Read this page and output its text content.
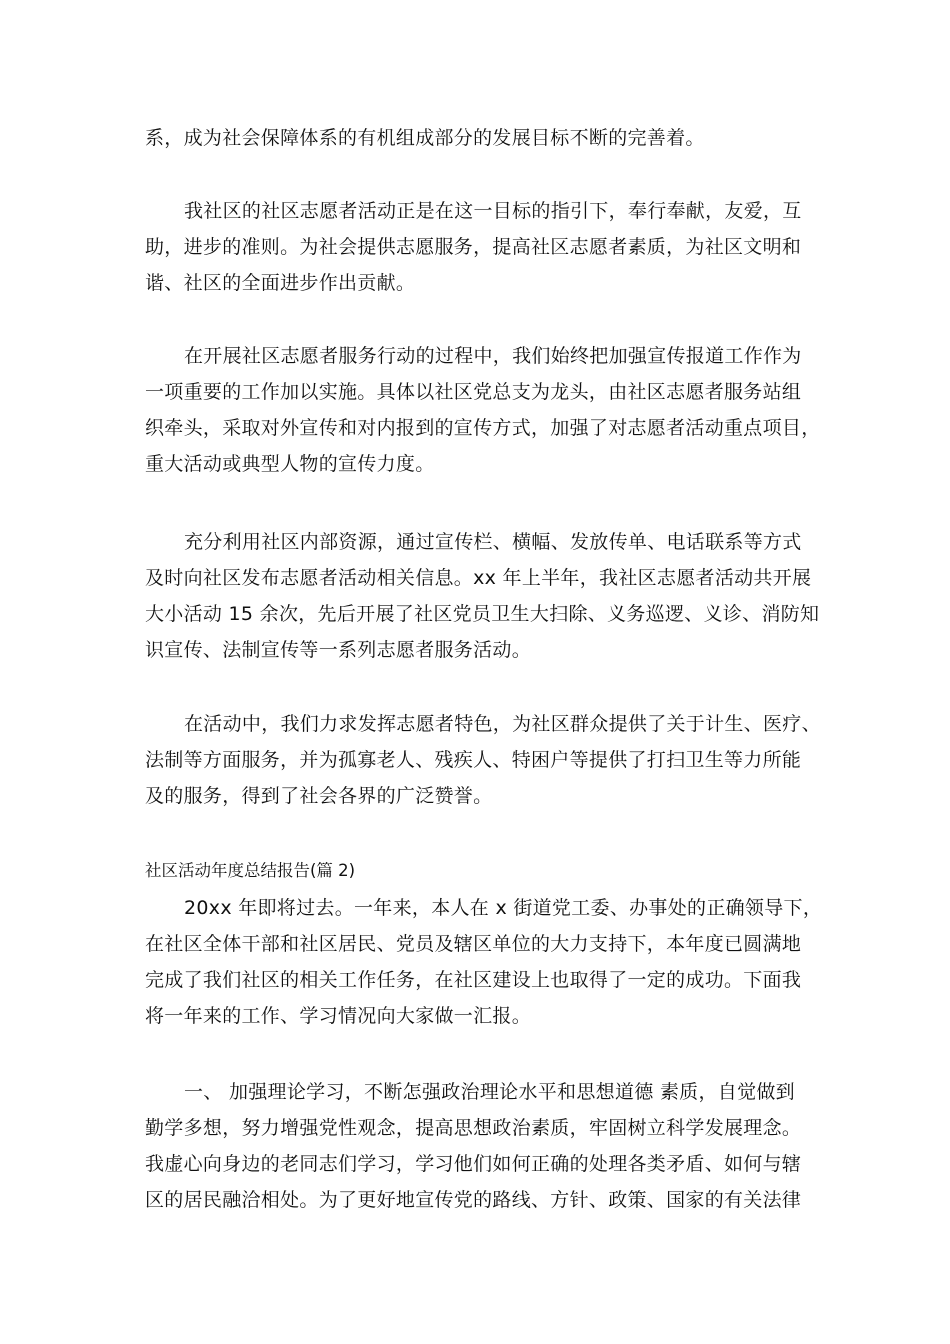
系，成为社会保障体系的有机组成部分的发展目标不断的完善着。
我社区的社区志愿者活动正是在这一目标的指引下，奉行奉献，友爱，互
助，进步的准则。为社会提供志愿服务，提高社区志愿者素质，为社区文明和
谐、社区的全面进步作出贡献。
在开展社区志愿者服务行动的过程中，我们始终把加强宣传报道工作作为
一项重要的工作加以实施。具体以社区党总支为龙头，由社区志愿者服务站组
织牵头，采取对外宣传和对内报到的宣传方式，加强了对志愿者活动重点项目，
重大活动或典型人物的宣传力度。
充分利用社区内部资源，通过宣传栏、横幅、发放传单、电话联系等方式
及时向社区发布志愿者活动相关信息。xx 年上半年，我社区志愿者活动共开展
大小活动 15 余次，先后开展了社区党员卫生大扫除、义务巡逻、义诊、消防知
识宣传、法制宣传等一系列志愿者服务活动。
在活动中，我们力求发挥志愿者特色，为社区群众提供了关于计生、医疗、
法制等方面服务，并为孤寡老人、残疾人、特困户等提供了打扫卫生等力所能
及的服务，得到了社会各界的广泛赞誉。
社区活动年度总结报告(篇 2)
20xx 年即将过去。一年来，本人在 x 街道党工委、办事处的正确领导下，
在社区全体干部和社区居民、党员及辖区单位的大力支持下，本年度已圆满地
完成了我们社区的相关工作任务，在社区建设上也取得了一定的成功。下面我
将一年来的工作、学习情况向大家做一汇报。
一、 加强理论学习，不断怎强政治理论水平和思想道德 素质，自觉做到
勤学多想，努力增强党性观念，提高思想政治素质，牢固树立科学发展理念。
我虚心向身边的老同志们学习，学习他们如何正确的处理各类矛盾、如何与辖
区的居民融洽相处。为了更好地宣传党的路线、方针、政策、国家的有关法律
